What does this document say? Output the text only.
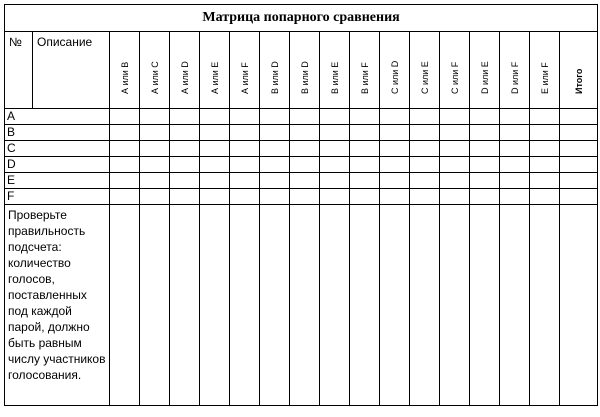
Матрица попарного сравнения																	
№	Описание	А или В	А или С	А или D	А или Е	А или F	В или D	В или D	В или Е	В или F	С или D	С или Е	С или F	D или Е	D или F	Е или F	Итого

A																	
B																	
C																	
D																	
E																	
F																	
Проверьте правильность подсчета: количество голосов, поставленных под каждой парой, должно быть равным числу участников голосования.																	
